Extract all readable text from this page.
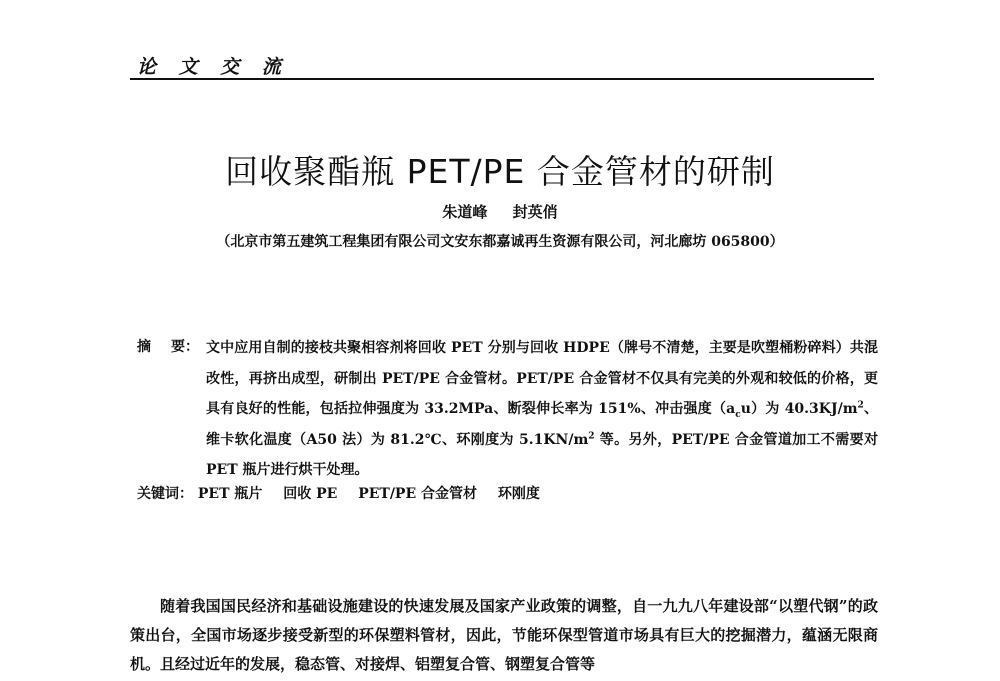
论 文 交 流
回收聚酯瓶 PET/PE 合金管材的研制
朱道峰 封英俏
（北京市第五建筑工程集团有限公司文安东都嘉诚再生资源有限公司，河北廊坊 065800）
摘 要： 文中应用自制的接枝共聚相容剂将回收 PET 分别与回收 HDPE（牌号不清楚，主要是吹塑桶粉碎料）共混改性，再挤出成型，研制出 PET/PE 合金管材。PET/PE 合金管材不仅具有完美的外观和较低的价格，更具有良好的性能，包括拉伸强度为 33.2MPa、断裂伸长率为 151%、冲击强度$(a_cu)$为 $40.3KJ/m^2$、维卡软化温度（A50 法）为 81.2℃、环刚度为 $5.1KN/m^2$ 等。另外，PET/PE 合金管道加工不需要对 PET 瓶片进行烘干处理。
关键词： PET 瓶片 回收 PE PET/PE 合金管材 环刚度
随着我国国民经济和基础设施建设的快速发展及国家产业政策的调整，自一九九八年建设部“以塑代钢”的政策出台，全国市场逐步接受新型的环保塑料管材，因此，节能环保型管道市场具有巨大的挖掘潜力，蕴涵无限商机。且经过近年的发展，稳态管、对接焊、铝塑复合管、钢塑复合管等
